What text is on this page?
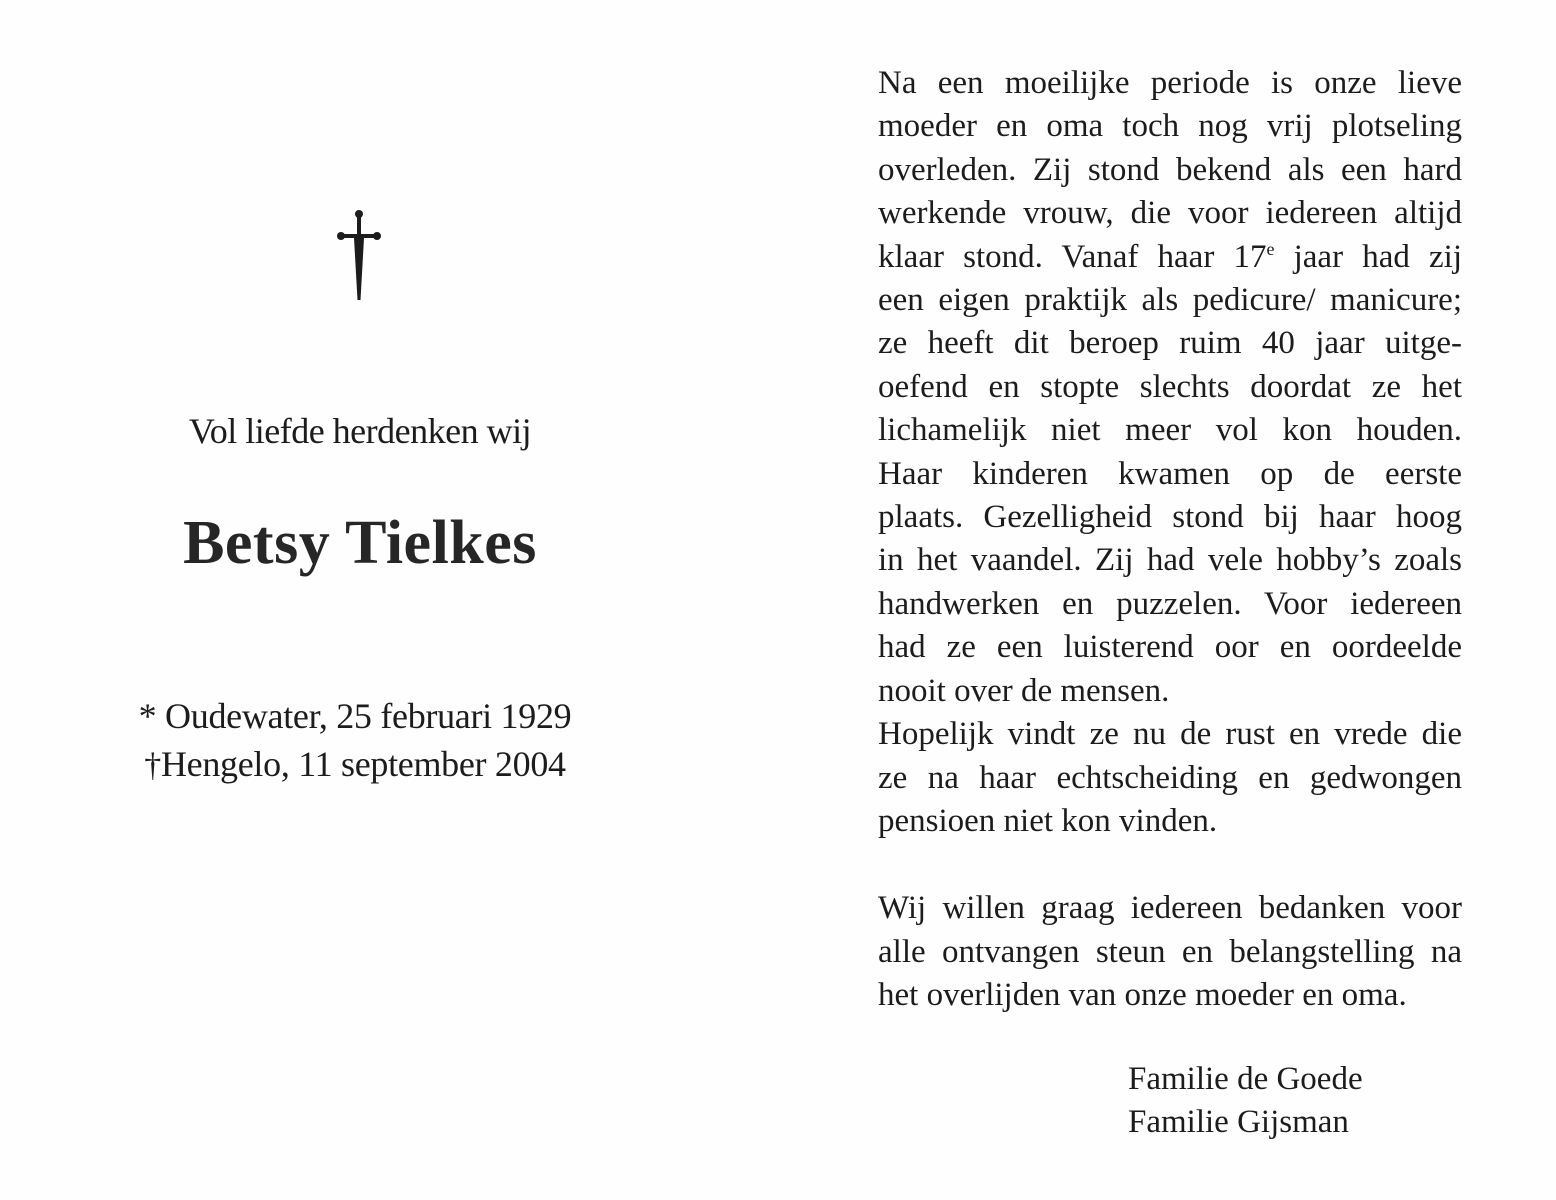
Vol liefde herdenken wij
Betsy Tielkes
* Oudewater, 25 februari 1929
†Hengelo, 11 september 2004

Na een moeilijke periode is onze lieve
moeder en oma toch nog vrij plotseling
overleden. Zij stond bekend als een hard
werkende vrouw, die voor iedereen altijd
klaar stond. Vanaf haar 17e jaar had zij
een eigen praktijk als pedicure/ manicure;
ze heeft dit beroep ruim 40 jaar uitge-
oefend en stopte slechts doordat ze het
lichamelijk niet meer vol kon houden.
Haar kinderen kwamen op de eerste
plaats. Gezelligheid stond bij haar hoog
in het vaandel. Zij had vele hobby’s zoals
handwerken en puzzelen. Voor iedereen
had ze een luisterend oor en oordeelde
nooit over de mensen.
Hopelijk vindt ze nu de rust en vrede die
ze na haar echtscheiding en gedwongen
pensioen niet kon vinden.

Wij willen graag iedereen bedanken voor
alle ontvangen steun en belangstelling na
het overlijden van onze moeder en oma.

Familie de Goede
Familie Gijsman
